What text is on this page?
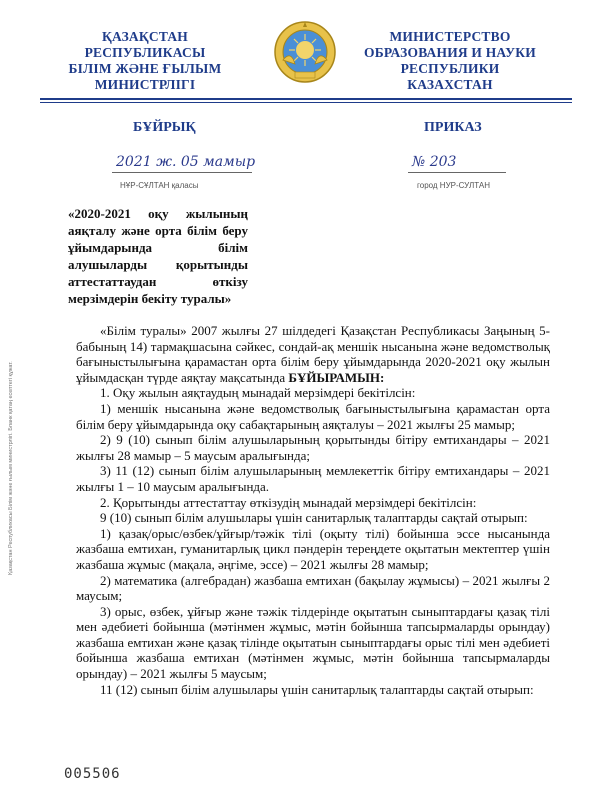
ҚАЗАҚСТАН
РЕСПУБЛИКАСЫ
БІЛІМ ЖӘНЕ ҒЫЛЫМ
МИНИСТРЛІГІ
МИНИСТЕРСТВО
ОБРАЗОВАНИЯ И НАУКИ
РЕСПУБЛИКИ
КАЗАХСТАН
БҰЙРЫҚ	ПРИКАЗ
2021 ж. 05 мамыр	№ 203
НҰР-СҰЛТАН қаласы	город НУР-СУЛТАН
«2020-2021 оқу жылының аяқталу және орта білім беру ұйымдарында білім алушыларды қорытынды аттестаттаудан өткізу мерзімдерін бекіту туралы»
Қазақстан Республикасы Білім және ғылым министрлігі. Бланк қатаң есептегі құжат.

«Білім туралы» 2007 жылғы 27 шілдедегі Қазақстан Республикасы Заңының 5-бабының 14) тармақшасына сәйкес, сондай-ақ меншік нысанына және ведомстволық бағыныстылығына қарамастан орта білім беру ұйымдарында 2020-2021 оқу жылын ұйымдасқан түрде аяқтау мақсатында БҰЙЫРАМЫН:

1. Оқу жылын аяқтаудың мынадай мерзімдері бекітілсін:

1) меншік нысанына және ведомстволық бағыныстылығына қарамастан орта білім беру ұйымдарында оқу сабақтарының аяқталуы – 2021 жылғы 25 мамыр;

2) 9 (10) сынып білім алушыларының қорытынды бітіру емтихандары – 2021 жылғы 28 мамыр – 5 маусым аралығында;

3) 11 (12) сынып білім алушыларының мемлекеттік бітіру емтихандары – 2021 жылғы 1 – 10 маусым аралығында.

2. Қорытынды аттестаттау өткізудің мынадай мерзімдері бекітілсін:

9 (10) сынып білім алушылары үшін санитарлық талаптарды сақтай отырып:

1) қазақ/орыс/өзбек/ұйғыр/тәжік тілі (оқыту тілі) бойынша эссе нысанында жазбаша емтихан, гуманитарлық цикл пәндерін тереңдете оқытатын мектептер үшін жазбаша жұмыс (мақала, әңгіме, эссе) – 2021 жылғы 28 мамыр;

2) математика (алгебрадан) жазбаша емтихан (бақылау жұмысы) – 2021 жылғы 2 маусым;

3) орыс, өзбек, ұйғыр және тәжік тілдерінде оқытатын сыныптардағы қазақ тілі мен әдебиеті бойынша (мәтінмен жұмыс, мәтін бойынша тапсырмаларды орындау) жазбаша емтихан және қазақ тілінде оқытатын сыныптардағы орыс тілі мен әдебиеті бойынша жазбаша емтихан (мәтінмен жұмыс, мәтін бойынша тапсырмаларды орындау) – 2021 жылғы 5 маусым;

11 (12) сынып білім алушылары үшін санитарлық талаптарды сақтай отырып:

005506
